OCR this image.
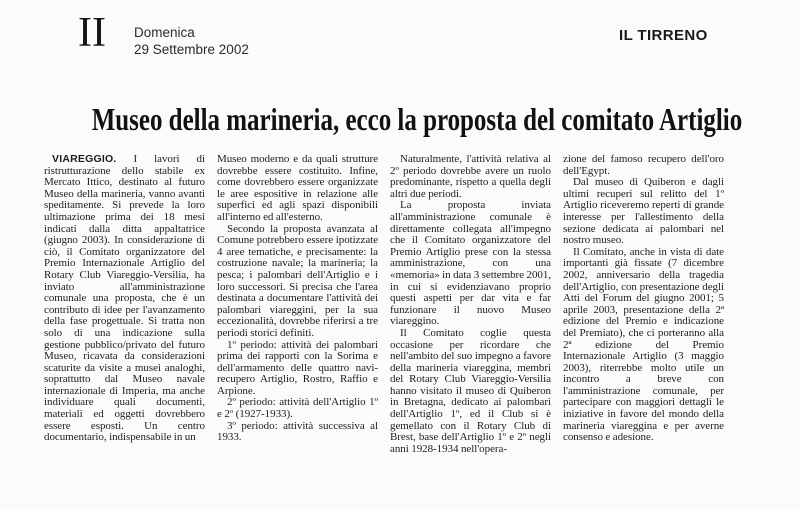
II Domenica
29 Settembre 2002
IL TIRRENO
Museo della marineria, ecco la proposta del comitato Artiglio

VIAREGGIO. I lavori di ristrutturazione dello stabile ex Mercato Ittico, destinato al futuro Museo della marineria, vanno avanti speditamente. Si prevede la loro ultimazione prima dei 18 mesi indicati dalla ditta appaltatrice (giugno 2003). In considerazione di ciò, il Comitato organizzatore del Premio Internazionale Artiglio del Rotary Club Viareggio-Versilia, ha inviato all'amministrazione comunale una proposta, che è un contributo di idee per l'avanzamento della fase progettuale. Si tratta non solo di una indicazione sulla gestione pubblico/privato del futuro Museo, ricavata da considerazioni scaturite da visite a musei analoghi, soprattutto dal Museo navale internazionale di Imperia, ma anche individuare quali documenti, materiali ed oggetti dovrebbero essere esposti. Un centro documentario, indispensabile in un

Museo moderno e da quali strutture dovrebbe essere costituito. Infine, come dovrebbero essere organizzate le aree espositive in relazione alle superfici ed agli spazi disponibili all'interno ed all'esterno.

Secondo la proposta avanzata al Comune potrebbero essere ipotizzate 4 aree tematiche, e precisamente: la costruzione navale; la marineria; la pesca; i palombari dell'Artiglio e i loro successori. Si precisa che l'area destinata a documentare l'attività dei palombari viareggini, per la sua eccezionalità, dovrebbe riferirsi a tre periodi storici definiti.

1º periodo: attività dei palombari prima dei rapporti con la Sorima e dell'armamento delle quattro navi-recupero Artiglio, Rostro, Raffio e Arpione.

2º periodo: attività dell'Artiglio 1º e 2º (1927-1933).

3º periodo: attività successiva al 1933.

Naturalmente, l'attività relativa al 2º periodo dovrebbe avere un ruolo predominante, rispetto a quella degli altri due periodi.

La proposta inviata all'amministrazione comunale è direttamente collegata all'impegno che il Comitato organizzatore del Premio Artiglio prese con la stessa amministrazione, con una «memoria» in data 3 settembre 2001, in cui si evidenziavano proprio questi aspetti per dar vita e far funzionare il nuovo Museo viareggino.

Il Comitato coglie questa occasione per ricordare che nell'ambito del suo impegno a favore della marineria viareggina, membri del Rotary Club Viareggio-Versilia hanno visitato il museo di Quiberon in Bretagna, dedicato ai palombari dell'Artiglio 1º, ed il Club si è gemellato con il Rotary Club di Brest, base dell'Artiglio 1º e 2º negli anni 1928-1934 nell'opera-

zione del famoso recupero dell'oro dell'Egypt.

Dal museo di Quiberon e dagli ultimi recuperi sul relitto del 1º Artiglio riceveremo reperti di grande interesse per l'allestimento della sezione dedicata ai palombari nel nostro museo.

Il Comitato, anche in vista di date importanti già fissate (7 dicembre 2002, anniversario della tragedia dell'Artiglio, con presentazione degli Atti del Forum del giugno 2001; 5 aprile 2003, presentazione della 2ª edizione del Premio e indicazione del Premiato), che ci porteranno alla 2ª edizione del Premio Internazionale Artiglio (3 maggio 2003), riterrebbe molto utile un incontro a breve con l'amministrazione comunale, per partecipare con maggiori dettagli le iniziative in favore del mondo della marineria viareggina e per averne consenso e adesione.
